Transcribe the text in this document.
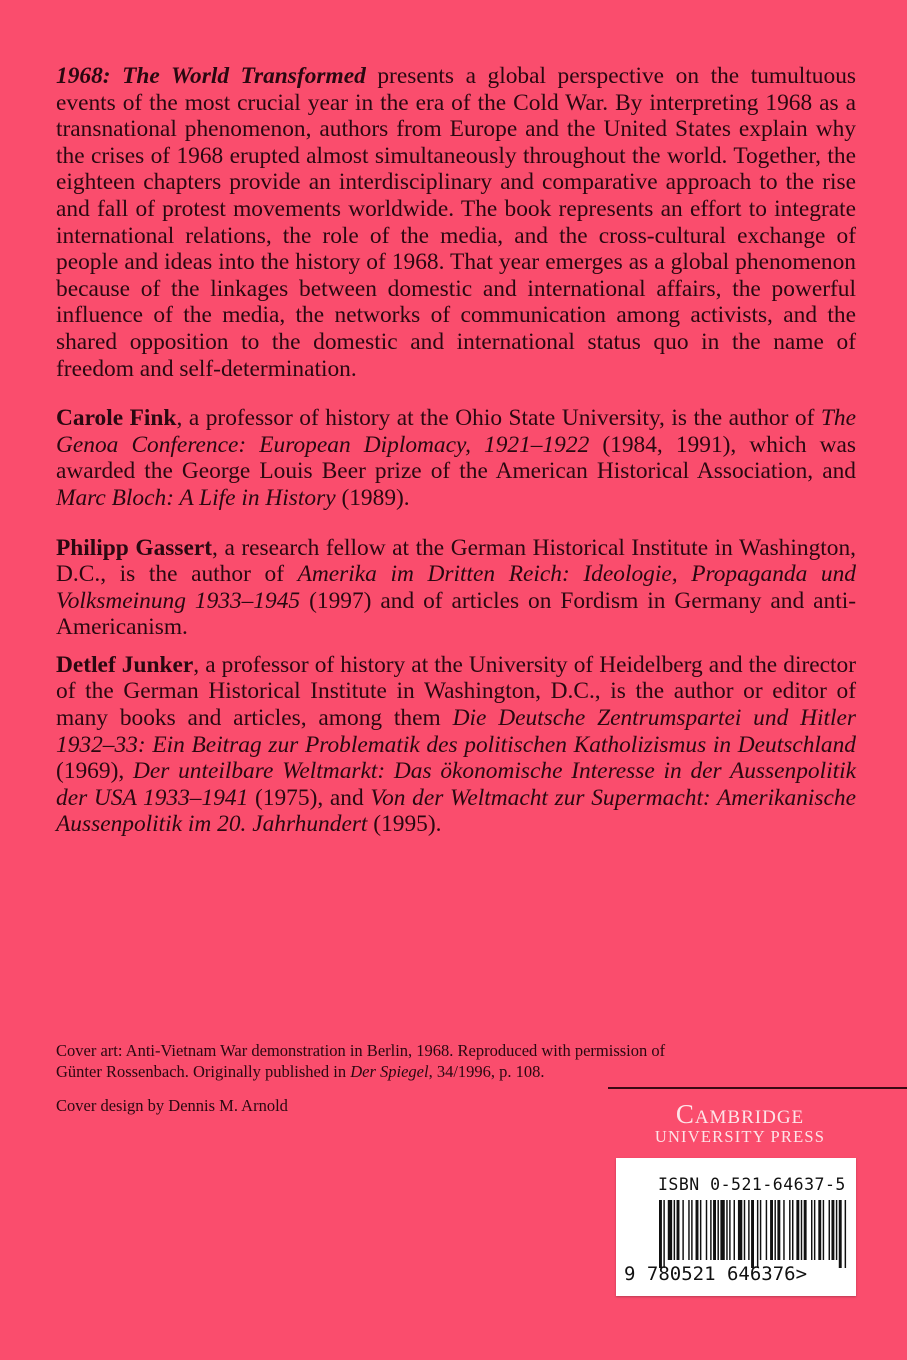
1968: The World Transformed presents a global perspective on the tumultuous events of the most crucial year in the era of the Cold War. By interpreting 1968 as a transnational phenomenon, authors from Europe and the United States explain why the crises of 1968 erupted almost simultaneously throughout the world. Together, the eighteen chapters provide an interdisciplinary and comparative approach to the rise and fall of protest movements worldwide. The book represents an effort to integrate international relations, the role of the media, and the cross-cultural exchange of people and ideas into the history of 1968. That year emerges as a global phenomenon because of the linkages between domestic and international affairs, the powerful influence of the media, the networks of communication among activists, and the shared opposition to the domestic and international status quo in the name of freedom and self-determination.

Carole Fink, a professor of history at the Ohio State University, is the author of The Genoa Conference: European Diplomacy, 1921–1922 (1984, 1991), which was awarded the George Louis Beer prize of the American Historical Association, and Marc Bloch: A Life in History (1989).

Philipp Gassert, a research fellow at the German Historical Institute in Washington, D.C., is the author of Amerika im Dritten Reich: Ideologie, Propaganda und Volksmeinung 1933–1945 (1997) and of articles on Fordism in Germany and anti-Americanism.

Detlef Junker, a professor of history at the University of Heidelberg and the director of the German Historical Institute in Washington, D.C., is the author or editor of many books and articles, among them Die Deutsche Zentrumspartei und Hitler 1932–33: Ein Beitrag zur Problematik des politischen Katholizismus in Deutschland (1969), Der unteilbare Weltmarkt: Das ökonomische Interesse in der Aussenpolitik der USA 1933–1941 (1975), and Von der Weltmacht zur Supermacht: Amerikanische Aussenpolitik im 20. Jahrhundert (1995).

Cover art: Anti-Vietnam War demonstration in Berlin, 1968. Reproduced with permission of Günter Rossenbach. Originally published in Der Spiegel, 34/1996, p. 108.

Cover design by Dennis M. Arnold	Cambridge
UNIVERSITY PRESS
ISBN 0-521-64637-5
9 780521 646376>
